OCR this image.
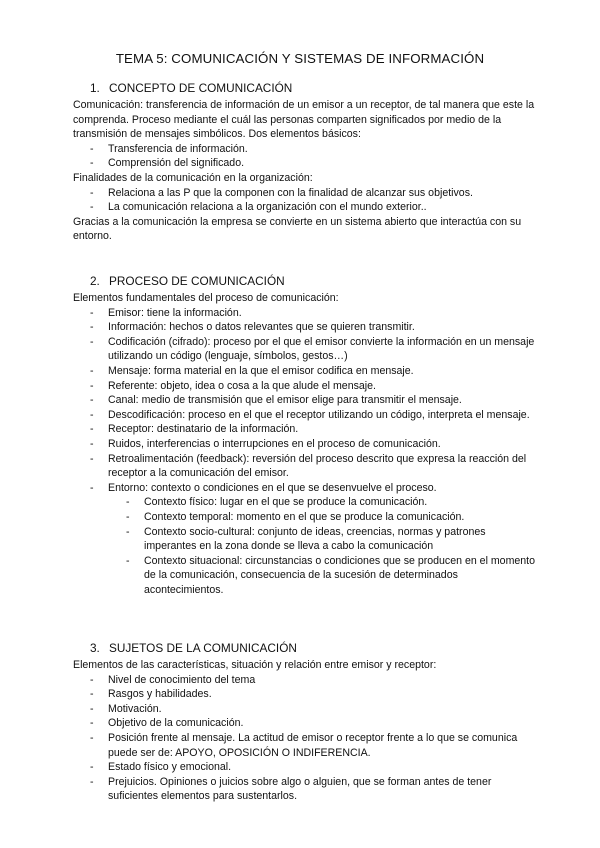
TEMA 5: COMUNICACIÓN Y SISTEMAS DE INFORMACIÓN
1. CONCEPTO DE COMUNICACIÓN

Comunicación: transferencia de información de un emisor a un receptor, de tal manera que este la comprenda. Proceso mediante el cuál las personas comparten significados por medio de la transmisión de mensajes simbólicos. Dos elementos básicos:

- Transferencia de información.
- Comprensión del significado.

Finalidades de la comunicación en la organización:

- Relaciona a las P que la componen con la finalidad de alcanzar sus objetivos.
- La comunicación relaciona a la organización con el mundo exterior..

Gracias a la comunicación la empresa se convierte en un sistema abierto que interactúa con su entorno.

2. PROCESO DE COMUNICACIÓN

Elementos fundamentales del proceso de comunicación:

- Emisor: tiene la información.
- Información: hechos o datos relevantes que se quieren transmitir.
- Codificación (cifrado): proceso por el que el emisor convierte la información en un mensaje utilizando un código (lenguaje, símbolos, gestos…)
- Mensaje: forma material en la que el emisor codifica en mensaje.
- Referente: objeto, idea o cosa a la que alude el mensaje.
- Canal: medio de transmisión que el emisor elige para transmitir el mensaje.
- Descodificación: proceso en el que el receptor utilizando un código, interpreta el mensaje.
- Receptor: destinatario de la información.
- Ruidos, interferencias o interrupciones en el proceso de comunicación.
- Retroalimentación (feedback): reversión del proceso descrito que expresa la reacción del receptor a la comunicación del emisor.
- Entorno: contexto o condiciones en el que se desenvuelve el proceso.
- Contexto físico: lugar en el que se produce la comunicación.
- Contexto temporal: momento en el que se produce la comunicación.
- Contexto socio-cultural: conjunto de ideas, creencias, normas y patrones imperantes en la zona donde se lleva a cabo la comunicación
- Contexto situacional: circunstancias o condiciones que se producen en el momento de la comunicación, consecuencia de la sucesión de determinados acontecimientos.
3. SUJETOS DE LA COMUNICACIÓN

Elementos de las características, situación y relación entre emisor y receptor:

- Nivel de conocimiento del tema
- Rasgos y habilidades.
- Motivación.
- Objetivo de la comunicación.
- Posición frente al mensaje. La actitud de emisor o receptor frente a lo que se comunica puede ser de: APOYO, OPOSICIÓN O INDIFERENCIA.
- Estado físico y emocional.
- Prejuicios. Opiniones o juicios sobre algo o alguien, que se forman antes de tener suficientes elementos para sustentarlos.
